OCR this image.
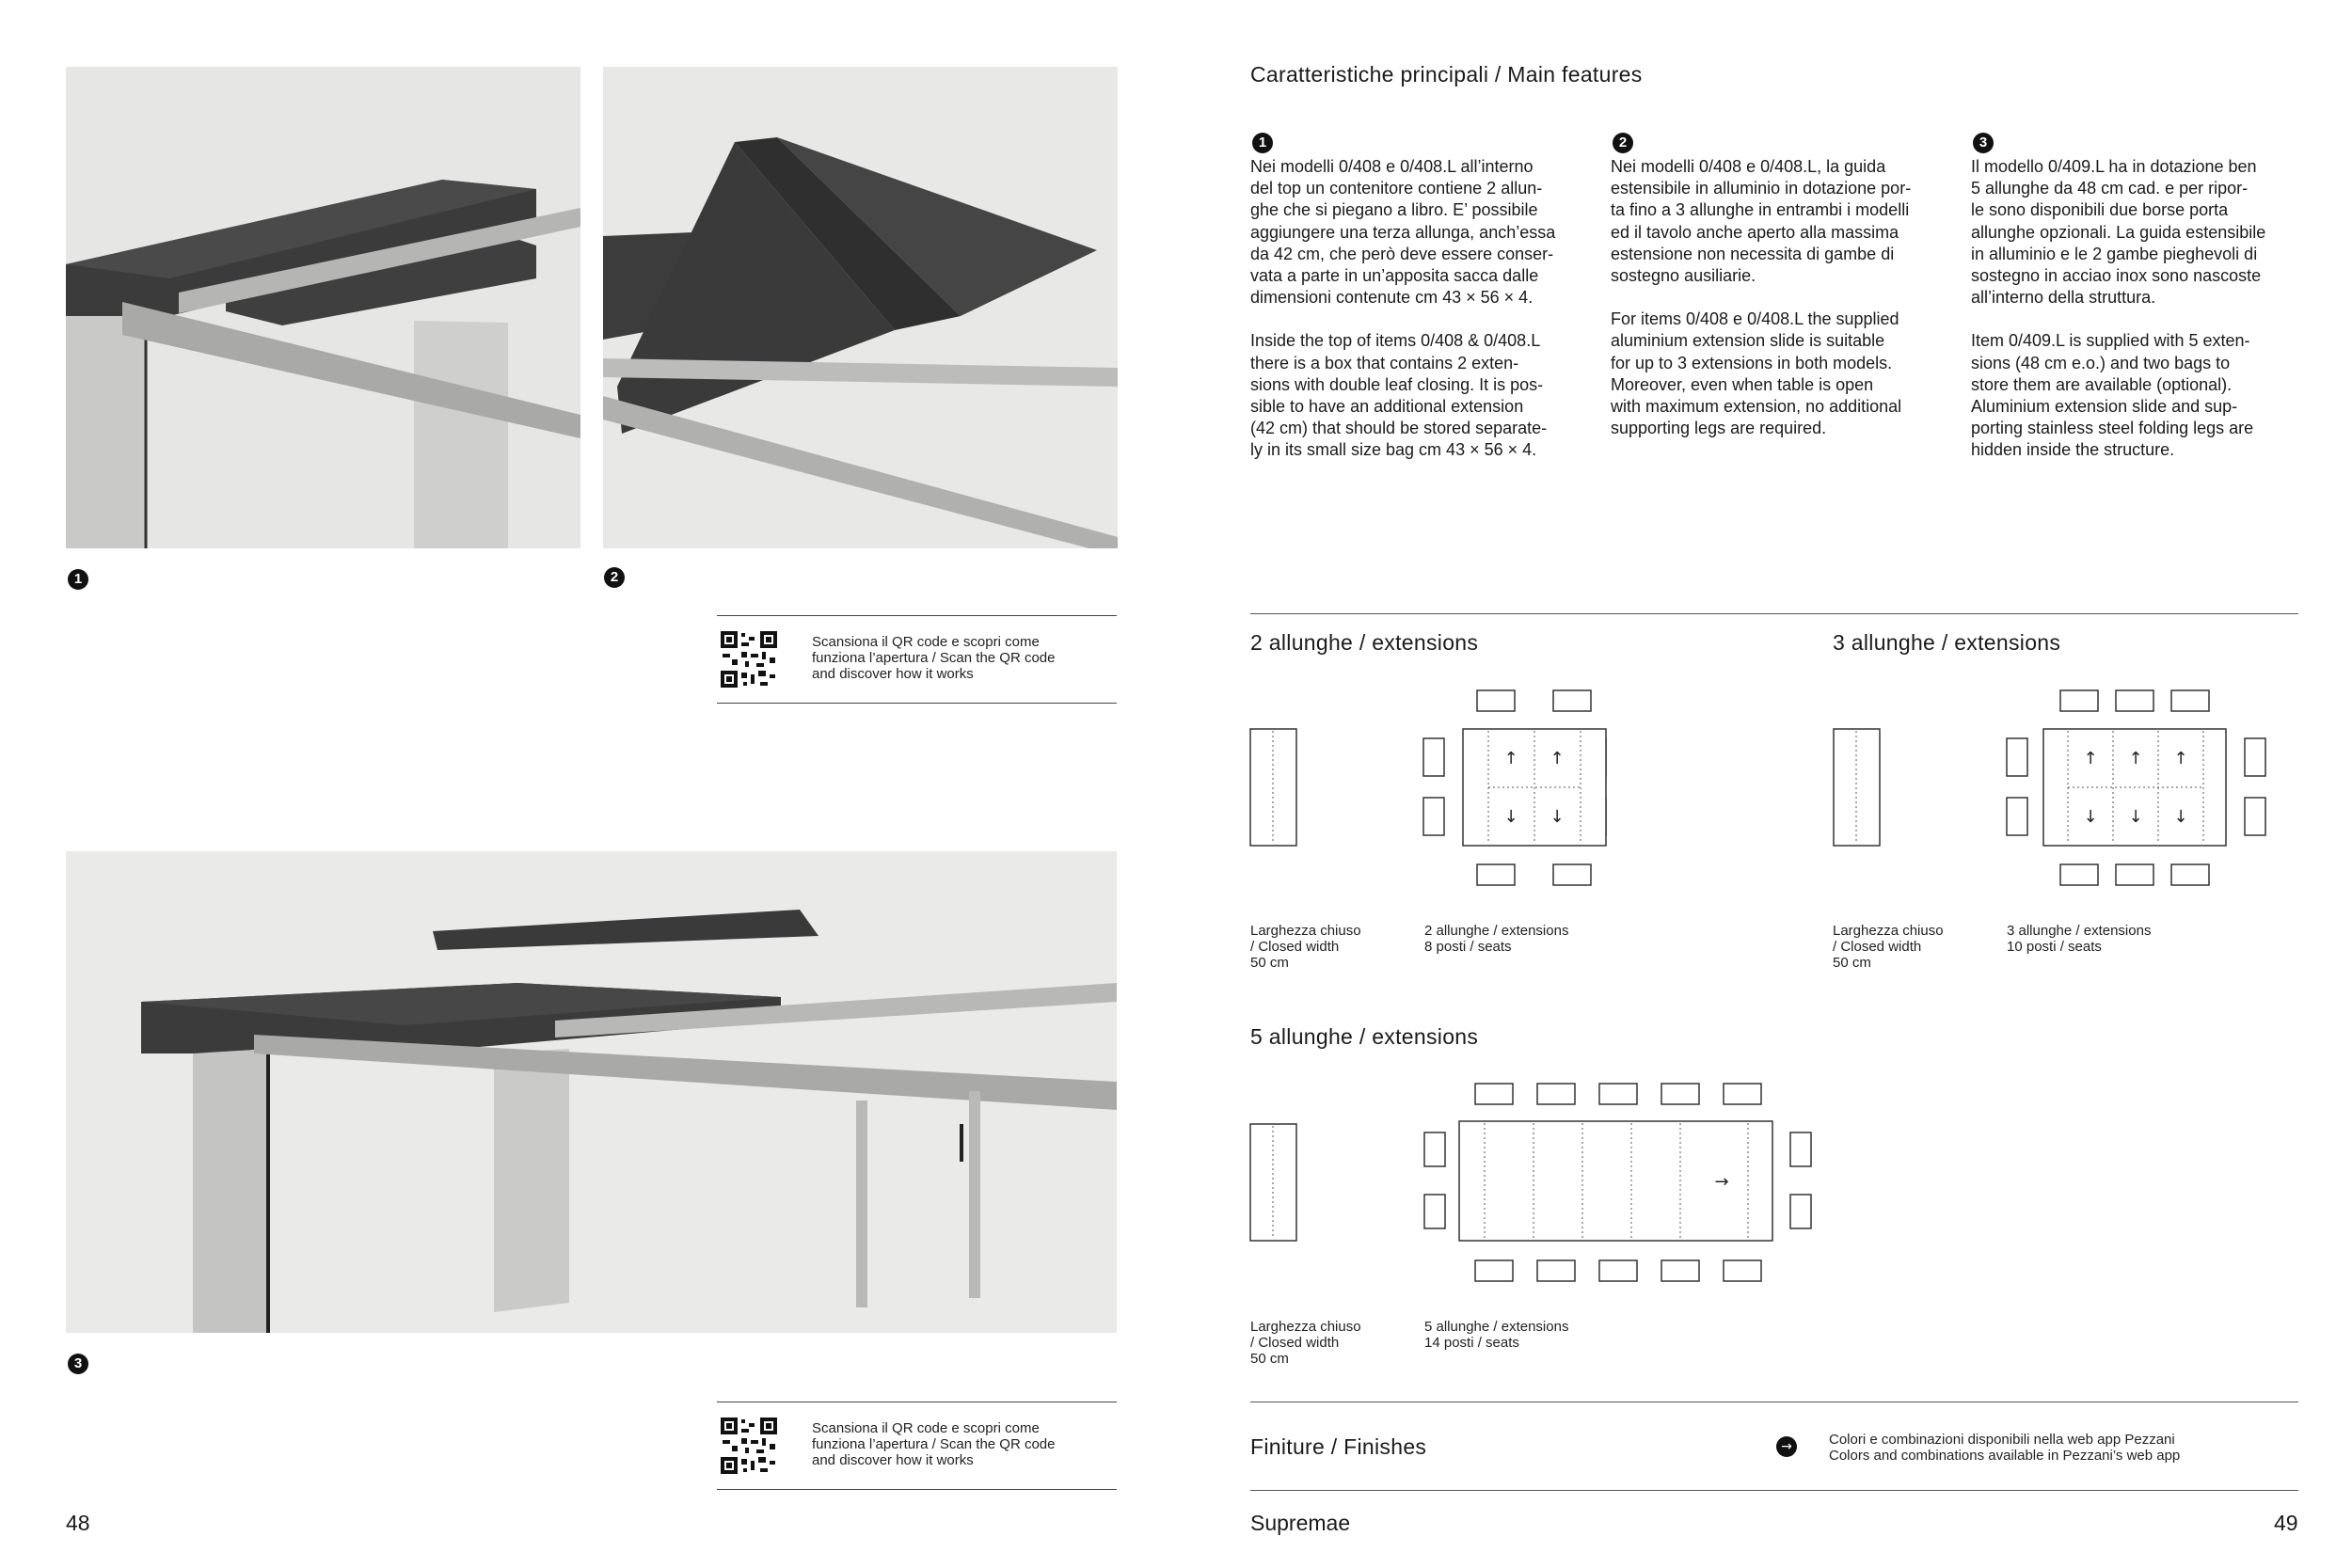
1	2
Scansiona il QR code e scopri come
funziona l’apertura / Scan the QR code
and discover how it works
3
Scansiona il QR code e scopri come
funziona l’apertura / Scan the QR code
and discover how it works
48
Caratteristiche principali / Main features
1

Nei modelli 0/408 e 0/408.L all’interno
del top un contenitore contiene 2 allun-
ghe che si piegano a libro. E’ possibile
aggiungere una terza allunga, anch’essa
da 42 cm, che però deve essere conser-
vata a parte in un’apposita sacca dalle
dimensioni contenute cm 43 × 56 × 4.

Inside the top of items 0/408 & 0/408.L
there is a box that contains 2 exten-
sions with double leaf closing. It is pos-
sible to have an additional extension
(42 cm) that should be stored separate-
ly in its small size bag cm 43 × 56 × 4.

2

Nei modelli 0/408 e 0/408.L, la guida
estensibile in alluminio in dotazione por-
ta fino a 3 allunghe in entrambi i modelli
ed il tavolo anche aperto alla massima
estensione non necessita di gambe di
sostegno ausiliarie.

For items 0/408 e 0/408.L the supplied
aluminium extension slide is suitable
for up to 3 extensions in both models.
Moreover, even when table is open
with maximum extension, no additional
supporting legs are required.

3

Il modello 0/409.L ha in dotazione ben
5 allunghe da 48 cm cad. e per ripor-
le sono disponibili due borse porta
allunghe opzionali. La guida estensibile
in alluminio e le 2 gambe pieghevoli di
sostegno in acciao inox sono nascoste
all’interno della struttura.

Item 0/409.L is supplied with 5 exten-
sions (48 cm e.o.) and two bags to
store them are available (optional).
Aluminium extension slide and sup-
porting stainless steel folding legs are
hidden inside the structure.

2 allunghe / extensions
↑ ↑
↓ ↓
Larghezza chiuso
/ Closed width
50 cm
2 allunghe / extensions
8 posti / seats
3 allunghe / extensions
↑ ↑ ↑
↓ ↓ ↓
Larghezza chiuso
/ Closed width
50 cm
3 allunghe / extensions
10 posti / seats
5 allunghe / extensions
→
Larghezza chiuso
/ Closed width
50 cm
5 allunghe / extensions
14 posti / seats
Finiture / Finishes	→	Colori e combinazioni disponibili nella web app Pezzani
Colors and combinations available in Pezzani’s web app
Supremae	49
